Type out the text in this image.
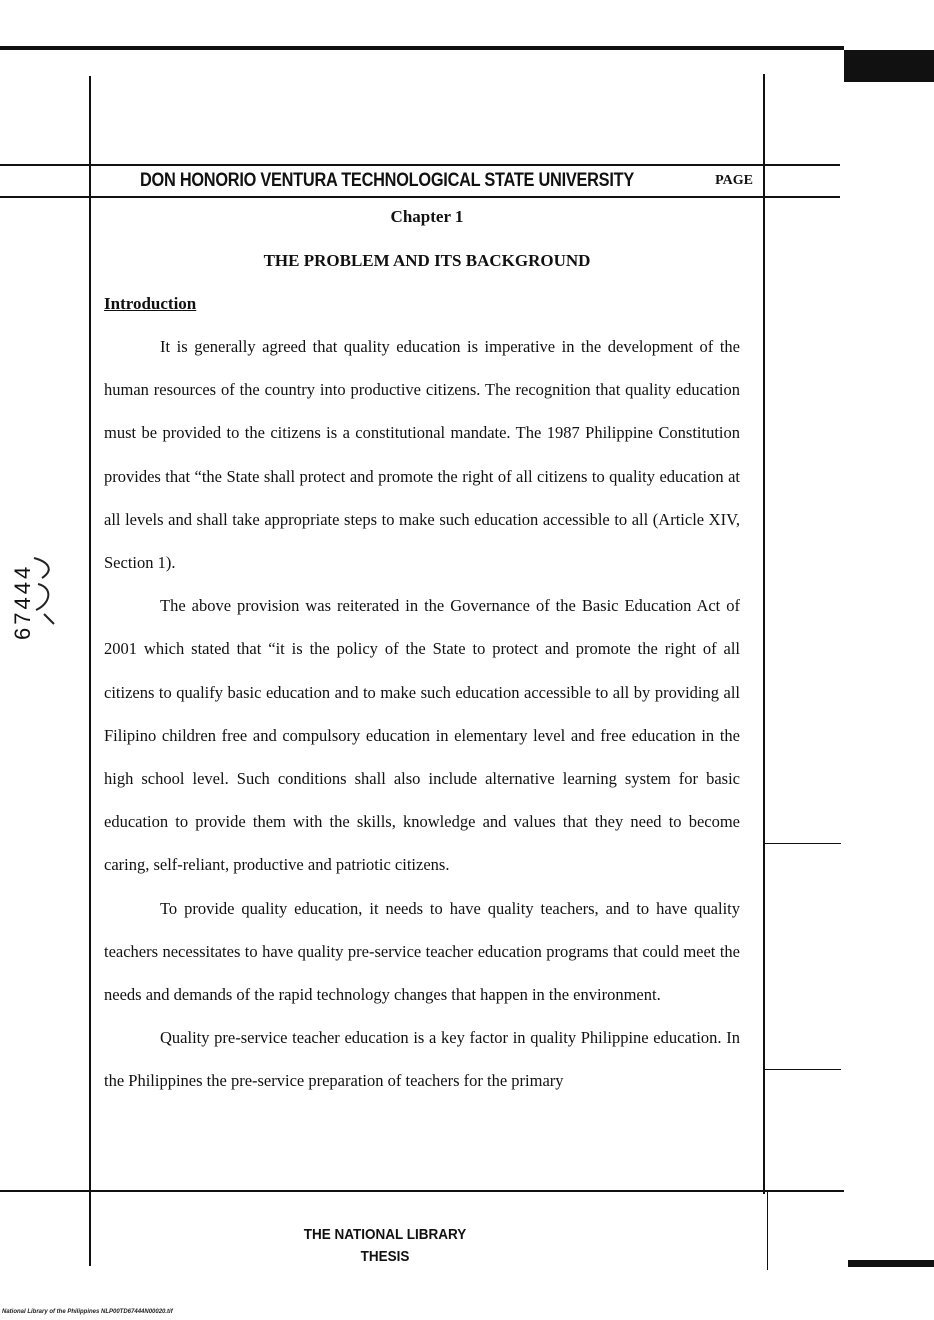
DON HONORIO VENTURA TECHNOLOGICAL STATE UNIVERSITY	PAGE
Chapter 1
THE PROBLEM AND ITS BACKGROUND
Introduction

It is generally agreed that quality education is imperative in the development of the human resources of the country into productive citizens. The recognition that quality education must be provided to the citizens is a constitutional mandate. The 1987 Philippine Constitution provides that “the State shall protect and promote the right of all citizens to quality education at all levels and shall take appropriate steps to make such education accessible to all (Article XIV, Section 1).

The above provision was reiterated in the Governance of the Basic Education Act of 2001 which stated that “it is the policy of the State to protect and promote the right of all citizens to qualify basic education and to make such education accessible to all by providing all Filipino children free and compulsory education in elementary level and free education in the high school level. Such conditions shall also include alternative learning system for basic education to provide them with the skills, knowledge and values that they need to become caring, self-reliant, productive and patriotic citizens.

To provide quality education, it needs to have quality teachers, and to have quality teachers necessitates to have quality pre-service teacher education programs that could meet the needs and demands of the rapid technology changes that happen in the environment.

Quality pre-service teacher education is a key factor in quality Philippine education. In the Philippines the pre-service preparation of teachers for the primary

67444
THE NATIONAL LIBRARY
THESIS
National Library of the Philippines NLP00TD67444N00020.tif
